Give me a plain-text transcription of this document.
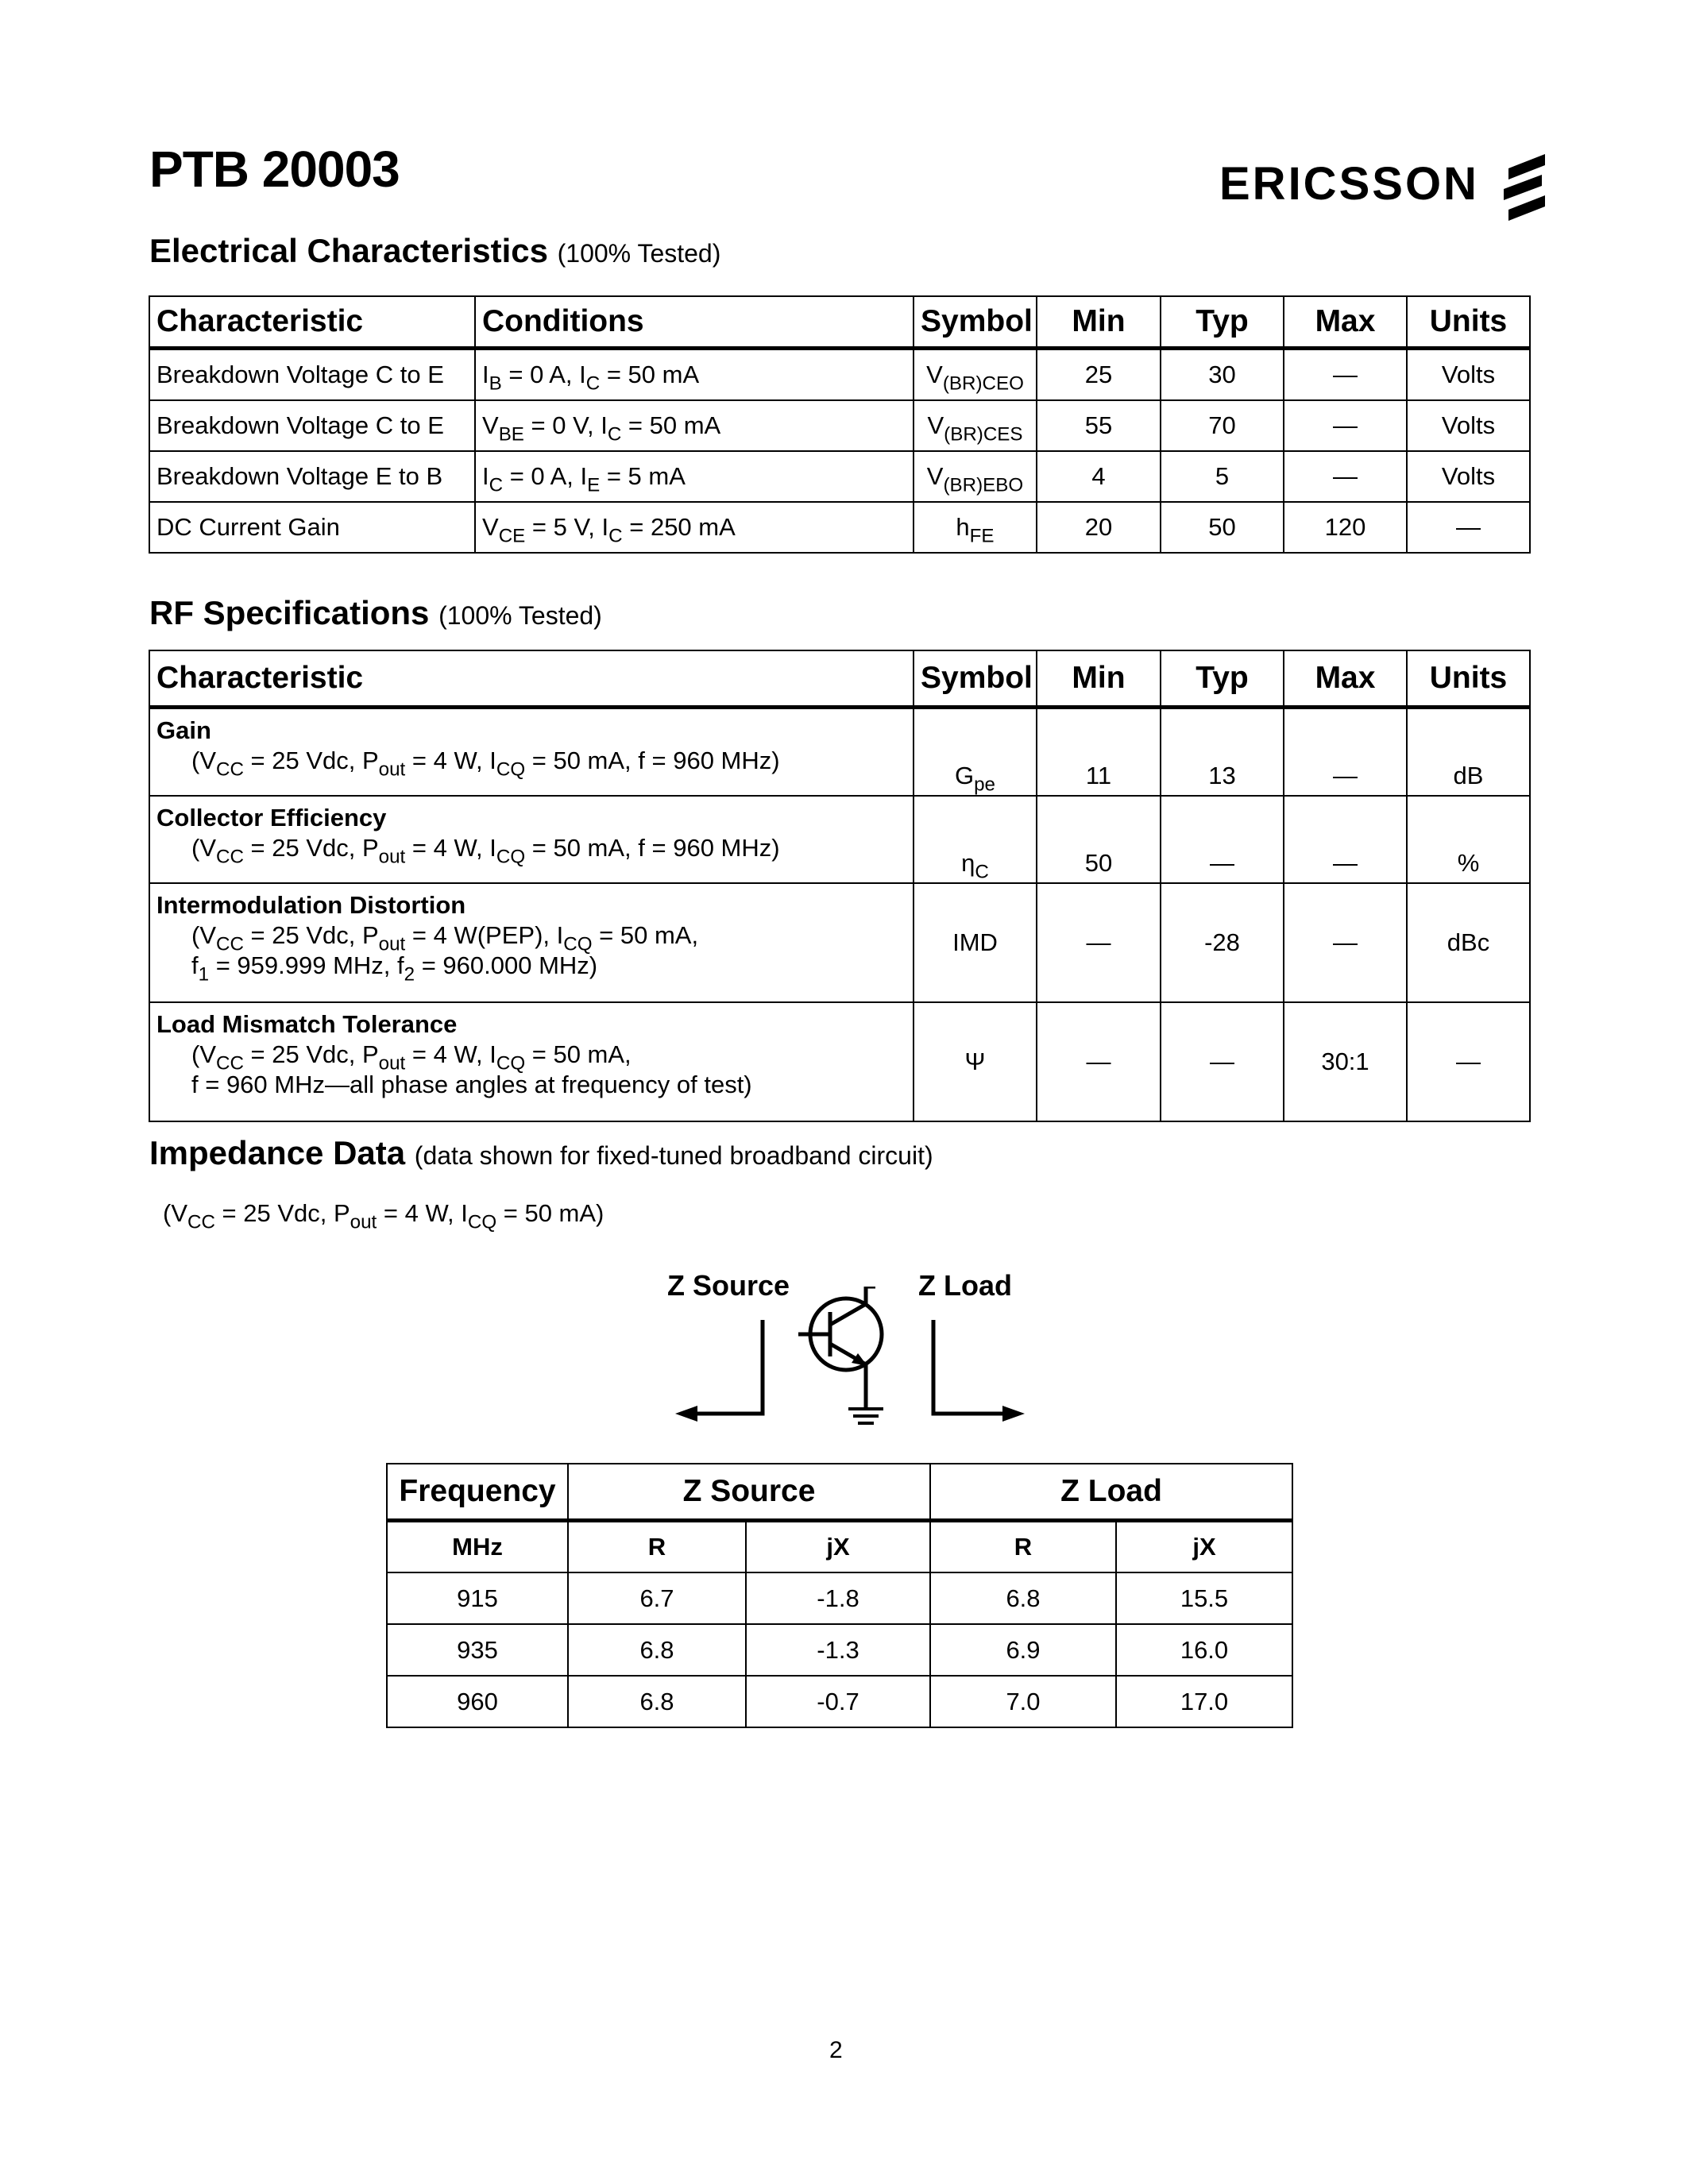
PTB 20003	ERICSSON
Electrical Characteristics (100% Tested)
Characteristic	Conditions	Symbol	Min	Typ	Max	Units
Breakdown Voltage C to E	$I_B = 0$ A, $I_C = 50$ mA	$V_{(BR)CEO}$	25	30	—	Volts
Breakdown Voltage C to E	$V_{BE} = 0$ V, $I_C = 50$ mA	$V_{(BR)CES}$	55	70	—	Volts
Breakdown Voltage E to B	$I_C = 0$ A, $I_E = 5$ mA	$V_{(BR)EBO}$	4	5	—	Volts
DC Current Gain	$V_{CE} = 5$ V, $I_C = 250$ mA	$h_{FE}$	20	50	120	—
RF Specifications (100% Tested)
Characteristic	Symbol	Min	Typ	Max	Units

Gain
($V_{CC} = 25$ Vdc, $P_{out} = 4$ W, $I_{CQ} = 50$ mA, f = 960 MHz)	$G_{pe}$	11	13	—	dB

Collector Efficiency
($V_{CC} = 25$ Vdc, $P_{out} = 4$ W, $I_{CQ} = 50$ mA, f = 960 MHz)	$\eta_C$	50	—	—	%

Intermodulation Distortion
($V_{CC} = 25$ Vdc, $P_{out} = 4$ W(PEP), $I_{CQ} = 50$ mA,
$f_1 = 959.999$ MHz, $f_2 = 960.000$ MHz)	IMD	—	-28	—	dBc

Load Mismatch Tolerance
($V_{CC} = 25$ Vdc, $P_{out} = 4$ W, $I_{CQ} = 50$ mA,
f = 960 MHz—all phase angles at frequency of test)	Ψ	—	—	30:1	—
Impedance Data (data shown for fixed-tuned broadband circuit)
($V_{CC} = 25$ Vdc, $P_{out} = 4$ W, $I_{CQ} = 50$ mA)
Z Source	Z Load
Frequency	Z Source		Z Load	
MHz	R	jX	R	jX
915	6.7	-1.8	6.8	15.5
935	6.8	-1.3	6.9	16.0
960	6.8	-0.7	7.0	17.0
2
